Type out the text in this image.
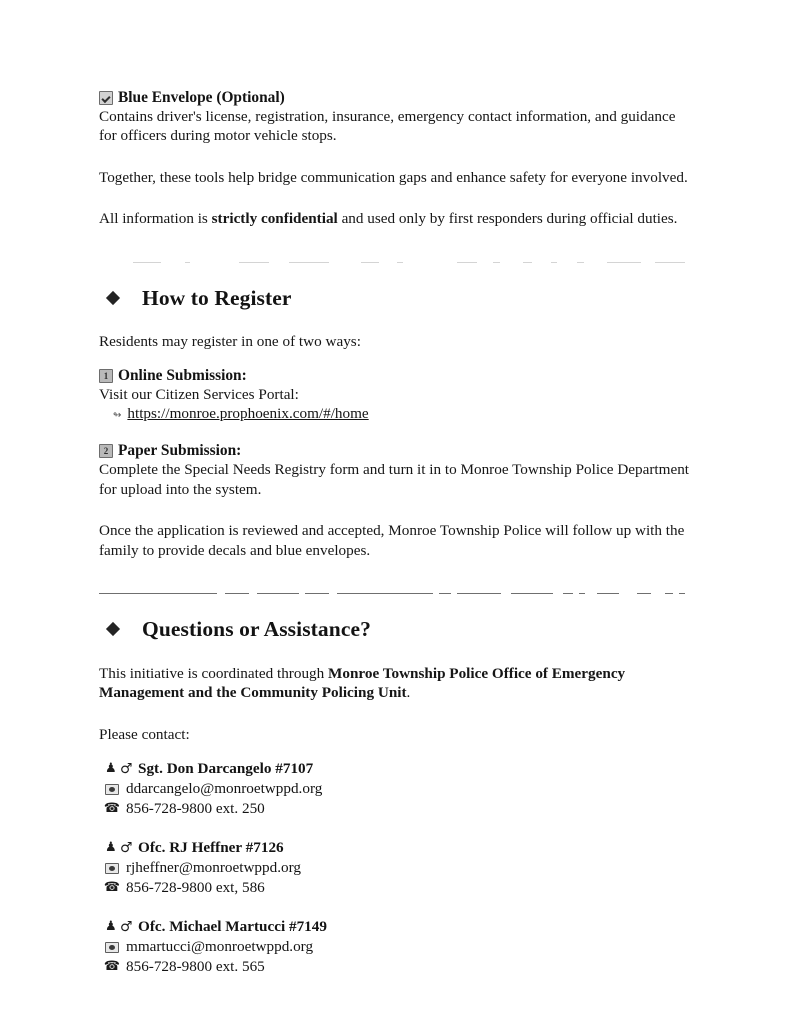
Blue Envelope (Optional)

Contains driver's license, registration, insurance, emergency contact information, and guidance for officers during motor vehicle stops.

Together, these tools help bridge communication gaps and enhance safety for everyone involved.

All information is strictly confidential and used only by first responders during official duties.

How to Register

Residents may register in one of two ways:

1 Online Submission:

Visit our Citizen Services Portal:

↬ https://monroe.prophoenix.com/#/home
2 Paper Submission:

Complete the Special Needs Registry form and turn it in to Monroe Township Police Department for upload into the system.

Once the application is reviewed and accepted, Monroe Township Police will follow up with the family to provide decals and blue envelopes.

Questions or Assistance?

This initiative is coordinated through Monroe Township Police Office of Emergency Management and the Community Policing Unit.

Please contact:

♟ ♂ Sgt. Don Darcangelo #7107
ddarcangelo@monroetwppd.org
☎ 856-728-9800 ext. 250
♟ ♂ Ofc. RJ Heffner #7126
rjheffner@monroetwppd.org
☎ 856-728-9800 ext, 586
♟ ♂ Ofc. Michael Martucci #7149
mmartucci@monroetwppd.org
☎ 856-728-9800 ext. 565
